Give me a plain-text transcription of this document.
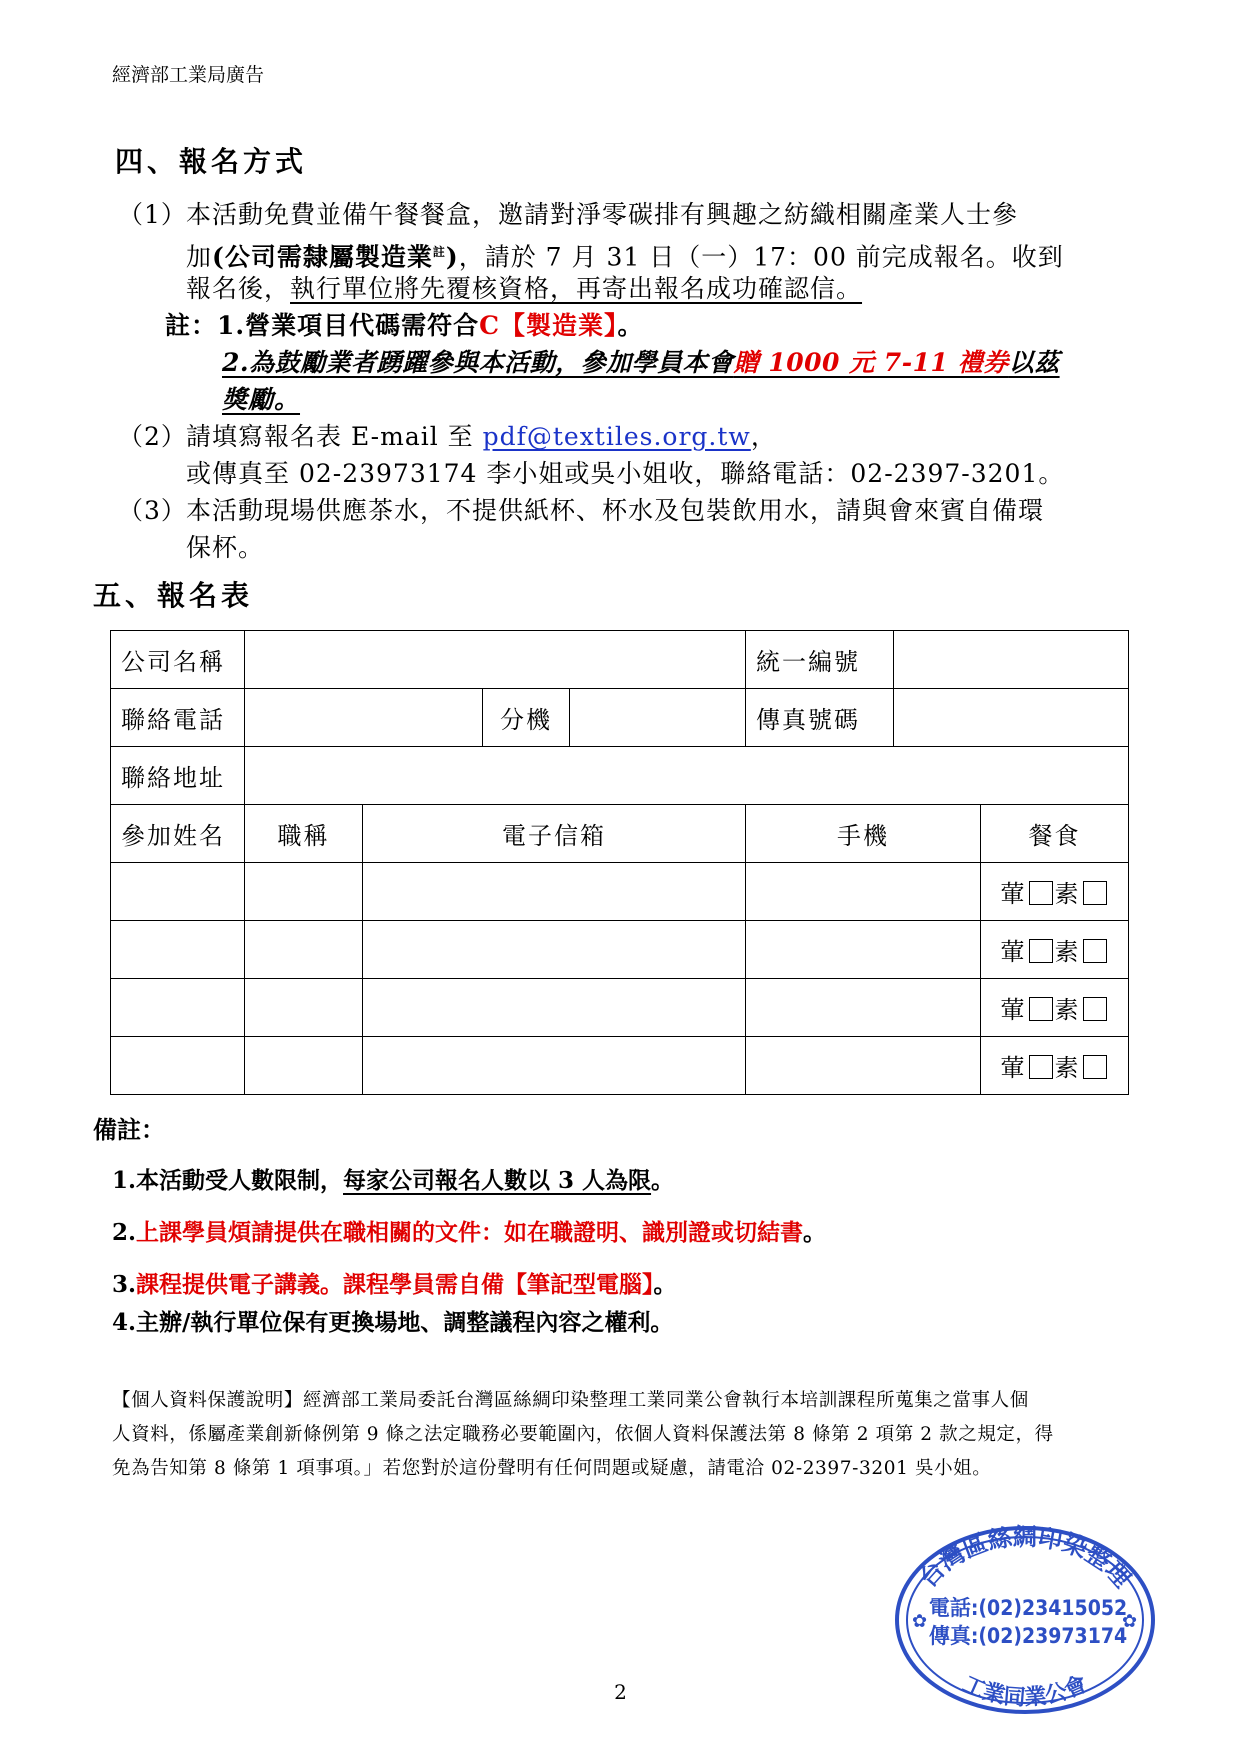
經濟部工業局廣告
四、報名方式
（1） 本活動免費並備午餐餐盒，邀請對淨零碳排有興趣之紡織相關產業人士參
加(公司需隸屬製造業$^註$)，請於 7 月 31 日（一）17：00 前完成報名。收到
報名後，執行單位將先覆核資格，再寄出報名成功確認信。
註：1.營業項目代碼需符合C【製造業】。
2.為鼓勵業者踴躍參與本活動，參加學員本會贈 1000 元 7-11 禮券以茲
獎勵。
（2） 請填寫報名表 E-mail 至 pdf@textiles.org.tw，
或傳真至 02-23973174 李小姐或吳小姐收，聯絡電話：02-2397-3201。
（3） 本活動現場供應茶水，不提供紙杯、杯水及包裝飲用水，請與會來賓自備環
保杯。
五、報名表
公司名稱					統一編號		
聯絡電話			分機		傳真號碼		
聯絡地址							
參加姓名	職稱	電子信箱			手機		餐食
							葷 素
							葷 素
							葷 素
							葷 素
備註：
1.本活動受人數限制，每家公司報名人數以 3 人為限。
2.上課學員煩請提供在職相關的文件：如在職證明、識別證或切結書。
3.課程提供電子講義。課程學員需自備【筆記型電腦】。
4.主辦/執行單位保有更換場地、調整議程內容之權利。
【個人資料保護說明】經濟部工業局委託台灣區絲綢印染整理工業同業公會執行本培訓課程所蒐集之當事人個
人資料，係屬產業創新條例第 9 條之法定職務必要範圍內，依個人資料保護法第 8 條第 2 項第 2 款之規定，得
免為告知第 8 條第 1 項事項。」若您對於這份聲明有任何問題或疑慮，請電洽 02-2397-3201 吳小姐。
台灣區絲綢印染整理
電話:(02)23415052
傳真:(02)23973174
工業同業公會
✿	✿
2
